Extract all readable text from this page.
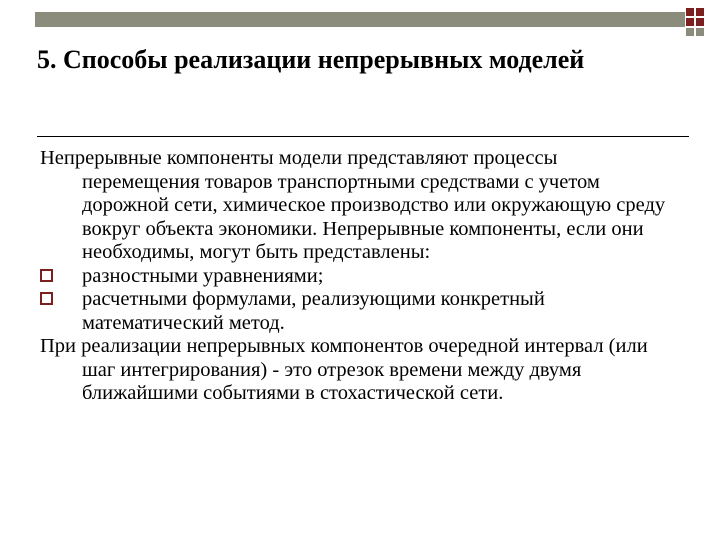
5. Способы реализации непрерывных моделей

Непрерывные компоненты модели представляют процессы перемещения товаров транспортными средствами с учетом дорожной сети, химическое производство или окружающую среду вокруг объекта экономики. Непрерывные компоненты, если они необходимы, могут быть представлены:

разностными уравнениями;

расчетными формулами, реализующими конкретный математический метод.

При реализации непрерывных компонентов очередной интервал (или шаг интегрирования) - это отрезок времени между двумя ближайшими событиями в стохастической сети.
